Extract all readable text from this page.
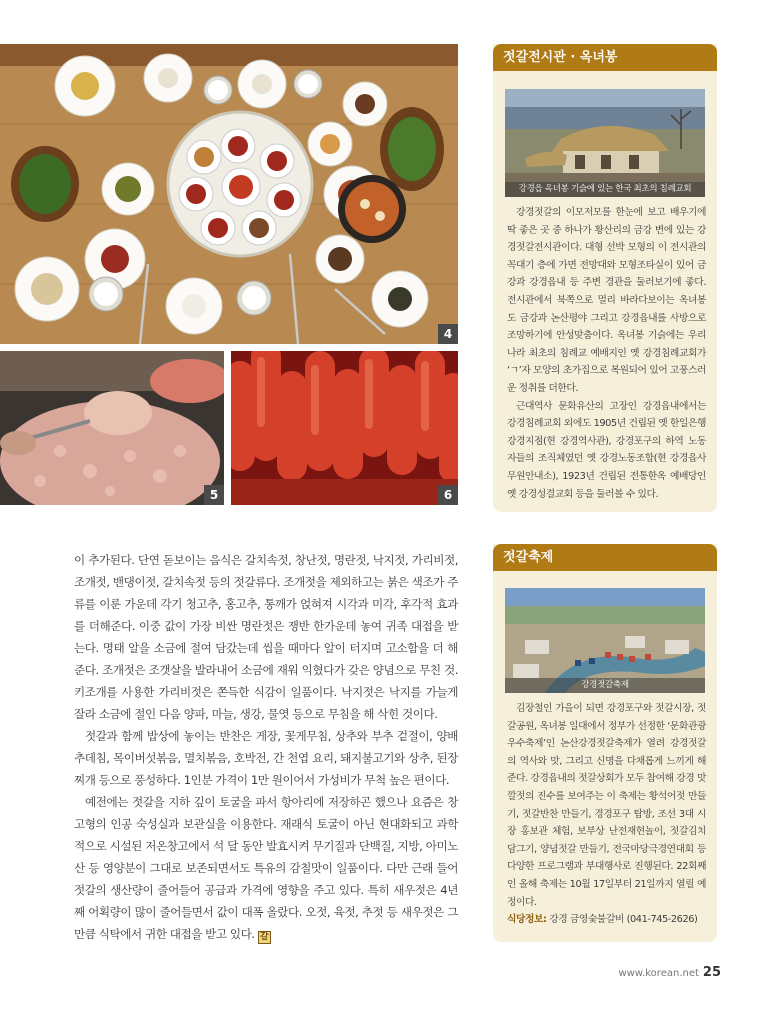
4
5	6

이 추가된다. 단연 돋보이는 음식은 갈치속젓, 창난젓, 명란젓, 낙지젓, 가리비젓, 조개젓, 밴댕이젓, 갈치속젓 등의 젓갈류다. 조개젓을 제외하고는 붉은 색조가 주류를 이룬 가운데 각기 청고추, 홍고추, 통깨가 얹혀져 시각과 미각, 후각적 효과를 더해준다. 이중 값이 가장 비싼 명란젓은 쟁반 한가운데 놓여 귀족 대접을 받는다. 명태 알을 소금에 절여 담갔는데 씹을 때마다 알이 터지며 고소함을 더 해준다. 조개젓은 조갯살을 발라내어 소금에 재워 익혔다가 갖은 양념으로 무친 것. 키조개를 사용한 가리비젓은 쫀득한 식감이 일품이다. 낙지젓은 낙지를 가늘게 잘라 소금에 절인 다음 양파, 마늘, 생강, 물엿 등으로 무침을 해 삭힌 것이다.

젓갈과 함께 밥상에 놓이는 반찬은 게장, 꽃게무침, 상추와 부추 겉절이, 양배추데침, 목이버섯볶음, 멸치볶음, 호박전, 간 천엽 요리, 돼지불고기와 상추, 된장찌개 등으로 풍성하다. 1인분 가격이 1만 원이어서 가성비가 무척 높은 편이다.

예전에는 젓갈을 지하 깊이 토굴을 파서 항아리에 저장하곤 했으나 요즘은 창고형의 인공 숙성실과 보관실을 이용한다. 재래식 토굴이 아닌 현대화되고 과학적으로 시설된 저온창고에서 석 달 동안 발효시켜 무기질과 단백질, 지방, 아미노산 등 영양분이 그대로 보존되면서도 특유의 감칠맛이 일품이다. 다만 근래 들어 젓갈의 생산량이 줄어들어 공급과 가격에 영향을 주고 있다. 특히 새우젓은 4년째 어획량이 많이 줄어들면서 값이 대폭 올랐다. 오젓, 육젓, 추젓 등 새우젓은 그만큼 식탁에서 귀한 대접을 받고 있다. 갈

젓갈전시관 · 옥녀봉
강경읍 옥녀봉 기슭에 있는 한국 최초의 침례교회

강경젓갈의 이모저모를 한눈에 보고 배우기에 딱 좋은 곳 중 하나가 황산리의 금강 변에 있는 강경젓갈전시관이다. 대형 선박 모형의 이 전시관의 꼭대기 층에 가면 전망대와 모형조타실이 있어 금강과 강경읍내 등 주변 경관을 둘러보기에 좋다. 전시관에서 북쪽으로 멀리 바라다보이는 옥녀봉도 금강과 논산평야 그리고 강경읍내를 사방으로 조망하기에 안성맞춤이다. 옥녀봉 기슭에는 우리나라 최초의 침례교 예배지인 옛 강경침례교회가 ‘ㄱ’자 모양의 초가집으로 복원되어 있어 고풍스러운 정취를 더한다.

근대역사 문화유산의 고장인 강경읍내에서는 강경침례교회 외에도 1905년 건립된 옛 한일은행 강경지점(현 강경역사관), 강경포구의 하역 노동자들의 조직체였던 옛 강경노동조합(현 강경읍사무원안내소), 1923년 건립된 전통한옥 예배당인 옛 강경성결교회 등을 둘러볼 수 있다.

젓갈축제
강경젓갈축제

김장철인 가을이 되면 강경포구와 젓갈시장, 젓갈공원, 옥녀봉 일대에서 정부가 선정한 ‘문화관광 우수축제’인 논산강경젓갈축제가 열려 강경젓갈의 역사와 맛, 그리고 신명을 다채롭게 느끼게 해준다. 강경읍내의 젓갈상회가 모두 참여해 강경 맛깔젓의 진수를 보여주는 이 축제는 황석어젓 만들기, 젓갈반찬 만들기, 경경포구 탐방, 조선 3대 시장 홍보관 체험, 보부상 난전재현놀이, 젓갈김치 담그기, 양념젓갈 만들기, 전국마당극경연대회 등 다양한 프로그램과 부대행사로 진행된다. 22회째인 올해 축제는 10월 17일부터 21일까지 열릴 예정이다.

식당정보: 강경 금영숯불갈비 (041-745-2626)

www.korean.net 25
